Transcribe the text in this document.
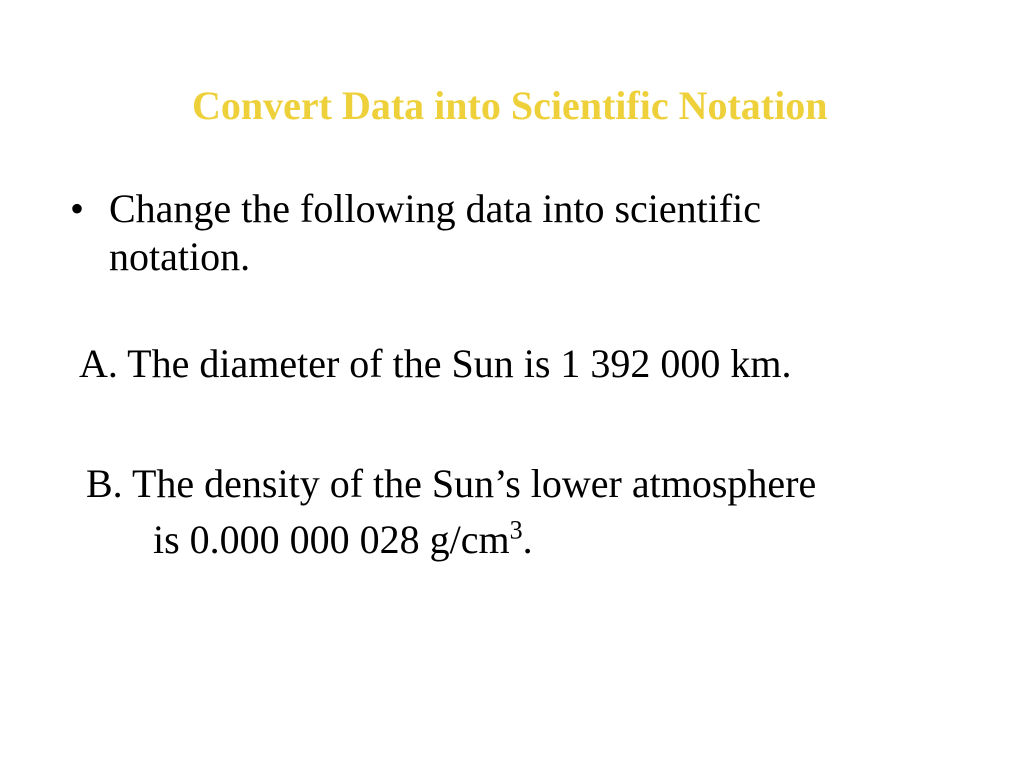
Convert Data into Scientific Notation
• Change the following data into scientific notation.
A. The diameter of the Sun is 1 392 000 km.
B. The density of the Sun’s lower atmosphere
is 0.000 000 028 $g/cm^3$.
